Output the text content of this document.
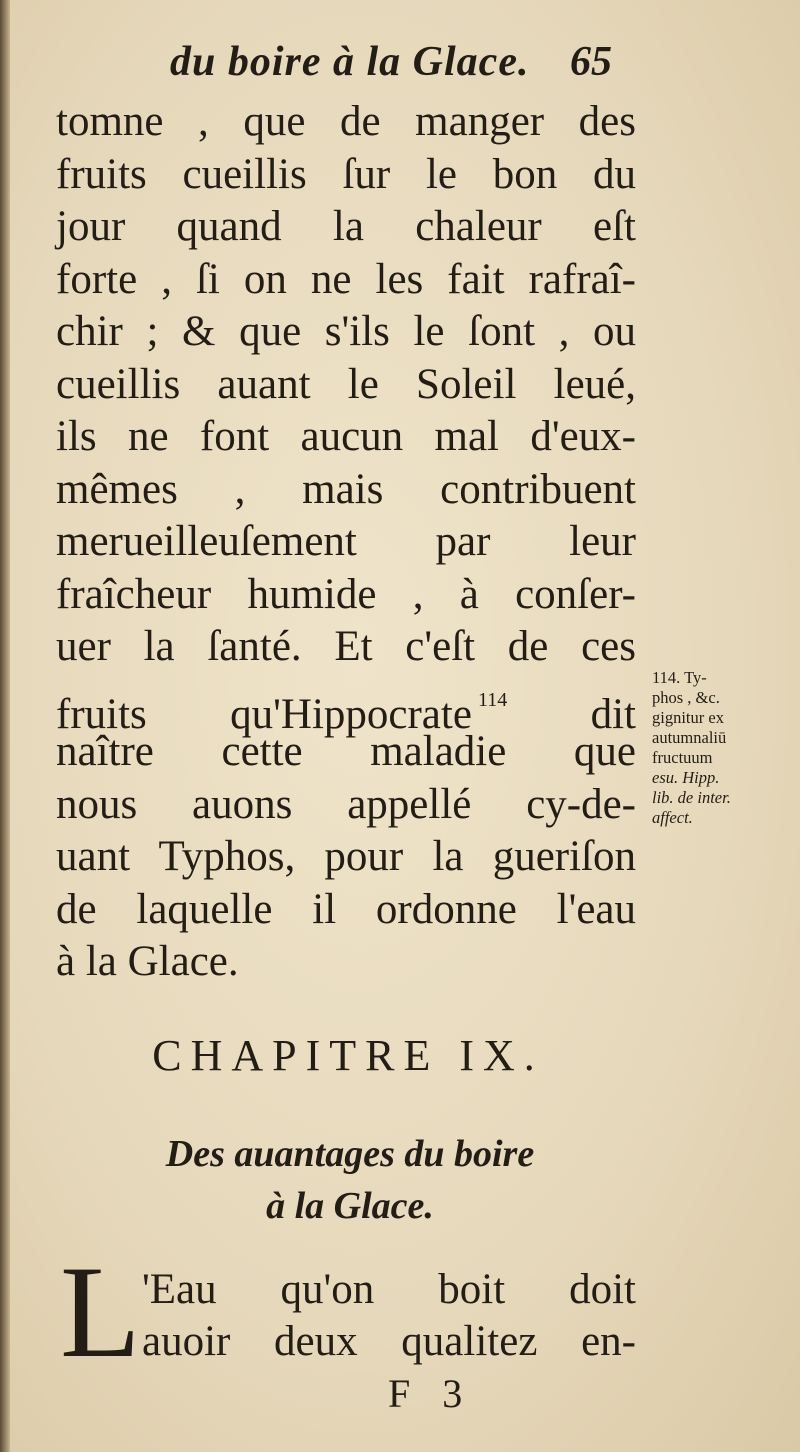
du boire à la Glace. 65
tomne , que de manger des
fruits cueillis ſur le bon du
jour quand la chaleur eſt
forte , ſi on ne les fait rafraî-
chir ; & que s'ils le ſont , ou
cueillis auant le Soleil leué,
ils ne font aucun mal d'eux-
mêmes , mais contribuent
merueilleuſement par leur
fraîcheur humide , à conſer-
uer la ſanté. Et c'eſt de ces
fruits qu'Hippocrate $^{114}$ dit
naître cette maladie que
nous auons appellé cy-de-
uant Typhos, pour la gueriſon
de laquelle il ordonne l'eau
à la Glace.
114. Ty-
phos , &c.
gignitur ex
autumnaliū
fructuum
esu. Hipp.
lib. de inter.
affect.
CHAPITRE IX.
Des auantages du boire
à la Glace.
L 'Eau qu'on boit doit
auoir deux qualitez en-
F 3
